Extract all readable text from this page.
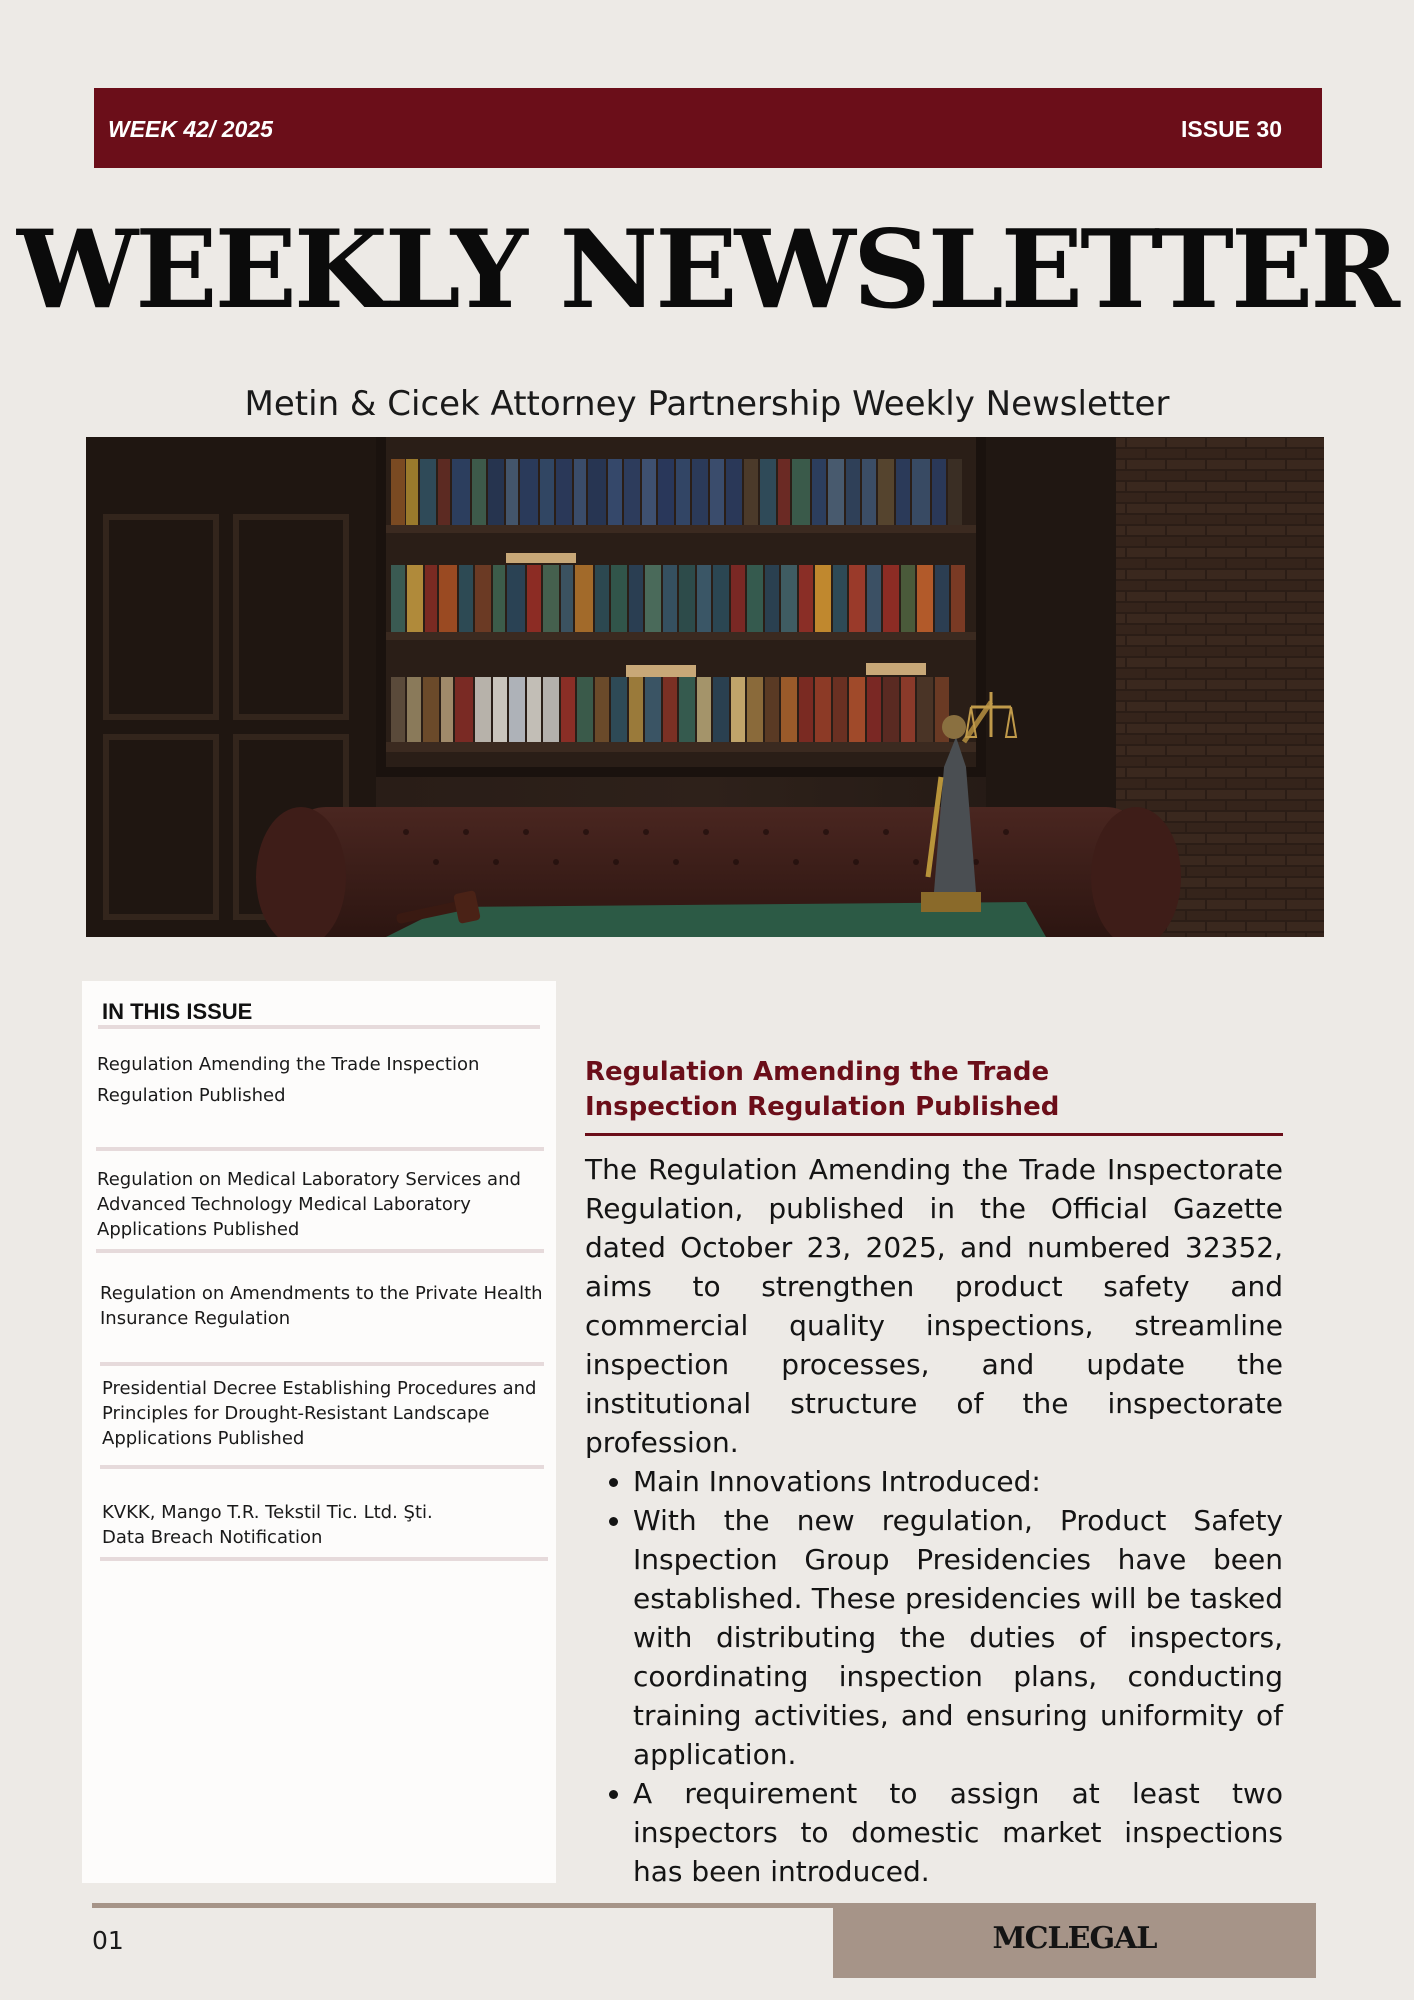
WEEK 42/ 2025	ISSUE 30
WEEKLY NEWSLETTER
Metin & Cicek Attorney Partnership Weekly Newsletter
IN THIS ISSUE
Regulation Amending the Trade Inspection
Regulation Published
Regulation on Medical Laboratory Services and
Advanced Technology Medical Laboratory
Applications Published
Regulation on Amendments to the Private Health
Insurance Regulation
Presidential Decree Establishing Procedures and
Principles for Drought-Resistant Landscape
Applications Published
KVKK, Mango T.R. Tekstil Tic. Ltd. Şti.
Data Breach Notification
Regulation Amending the Trade Inspection Regulation Published
The Regulation Amending the Trade Inspectorate Regulation, published in the Official Gazette dated October 23, 2025, and numbered 32352, aims to strengthen product safety and commercial quality inspections, streamline inspection processes, and update the institutional structure of the inspectorate profession.
• Main Innovations Introduced:
• With the new regulation, Product Safety Inspection Group Presidencies have been established. These presidencies will be tasked with distributing the duties of inspectors, coordinating inspection plans, conducting training activities, and ensuring uniformity of application.
• A requirement to assign at least two inspectors to domestic market inspections has been introduced.
01	MCLEGAL
